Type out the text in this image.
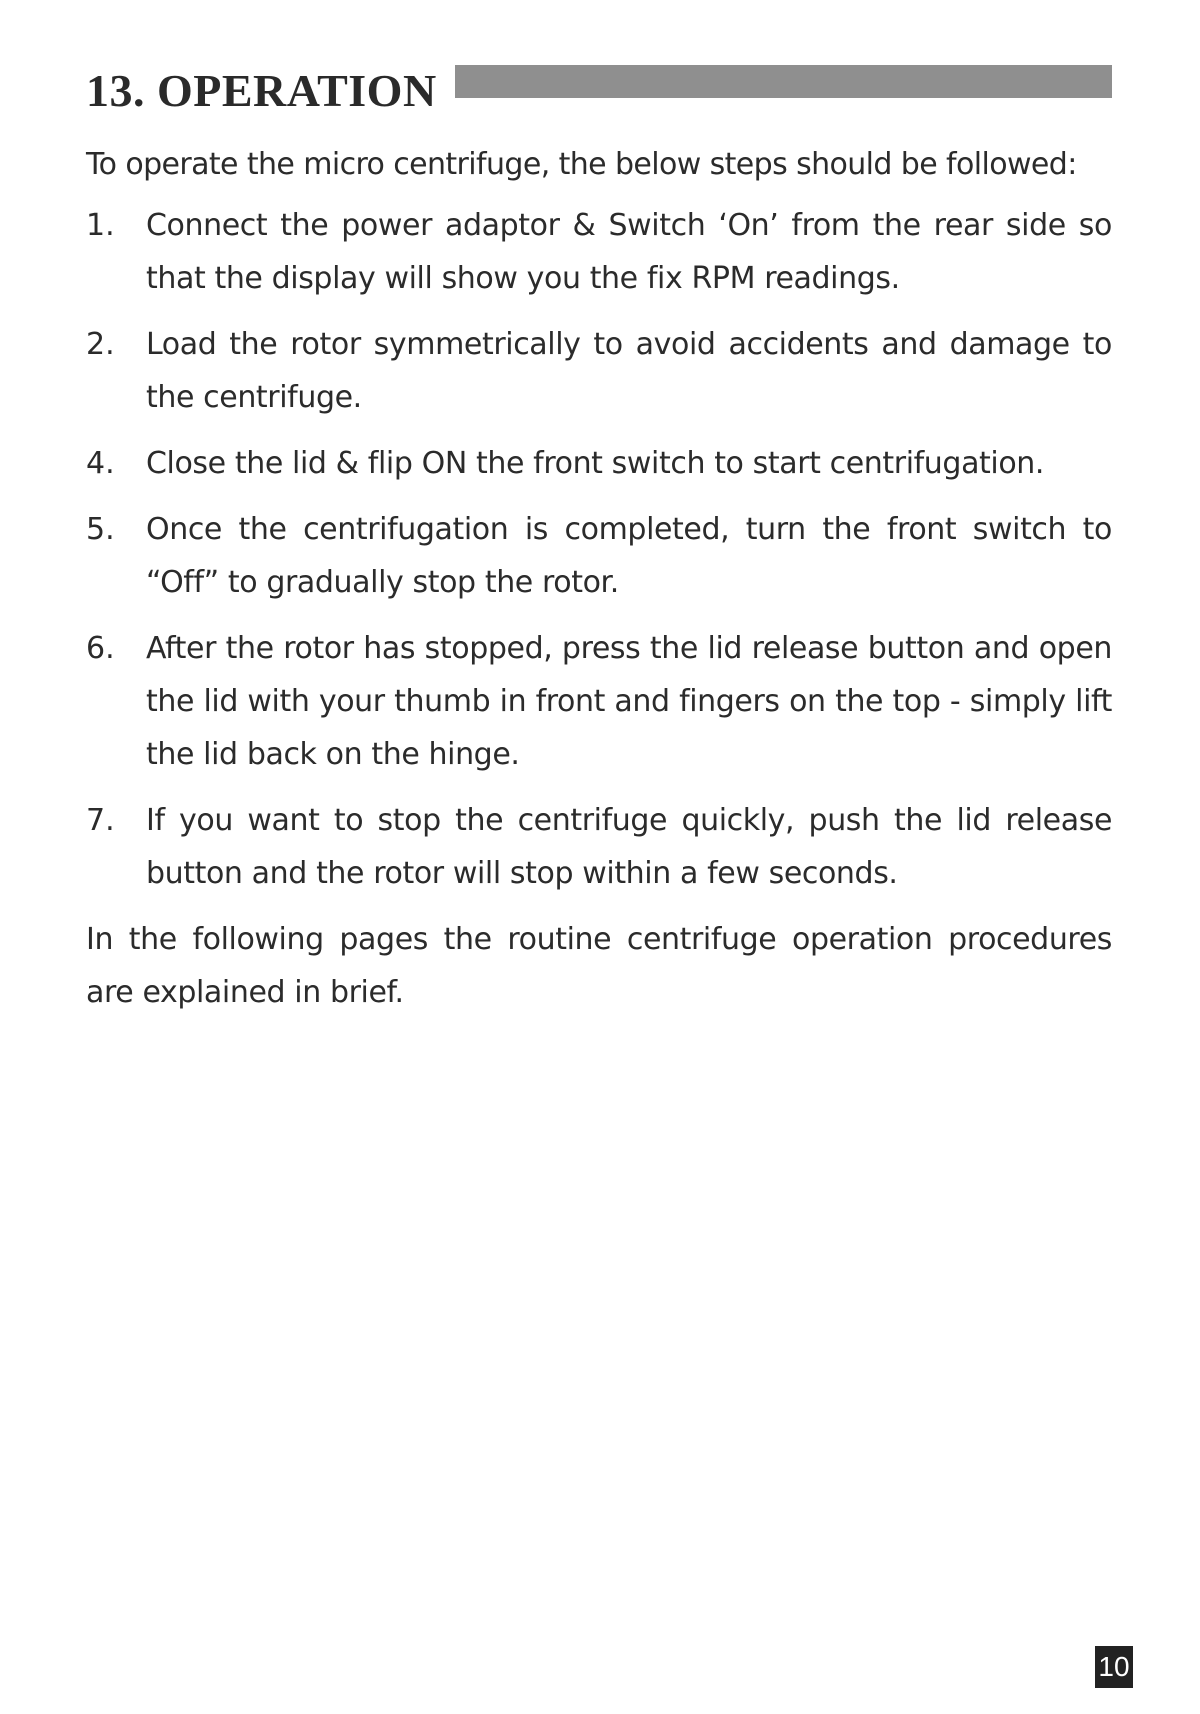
13. OPERATION

To operate the micro centrifuge, the below steps should be followed:

1.	Connect the power adaptor & Switch ‘On’ from the rear side so that the display will show you the fix RPM readings.
2.	Load the rotor symmetrically to avoid accidents and damage to the centrifuge.
4.	Close the lid & flip ON the front switch to start centrifugation.
5.	Once the centrifugation is completed, turn the front switch to “Off” to gradually stop the rotor.
6.	After the rotor has stopped, press the lid release button and open the lid with your thumb in front and fingers on the top - simply lift the lid back on the hinge.
7.	If you want to stop the centrifuge quickly, push the lid release button and the rotor will stop within a few seconds.

In the following pages the routine centrifuge operation procedures are explained in brief.

10
